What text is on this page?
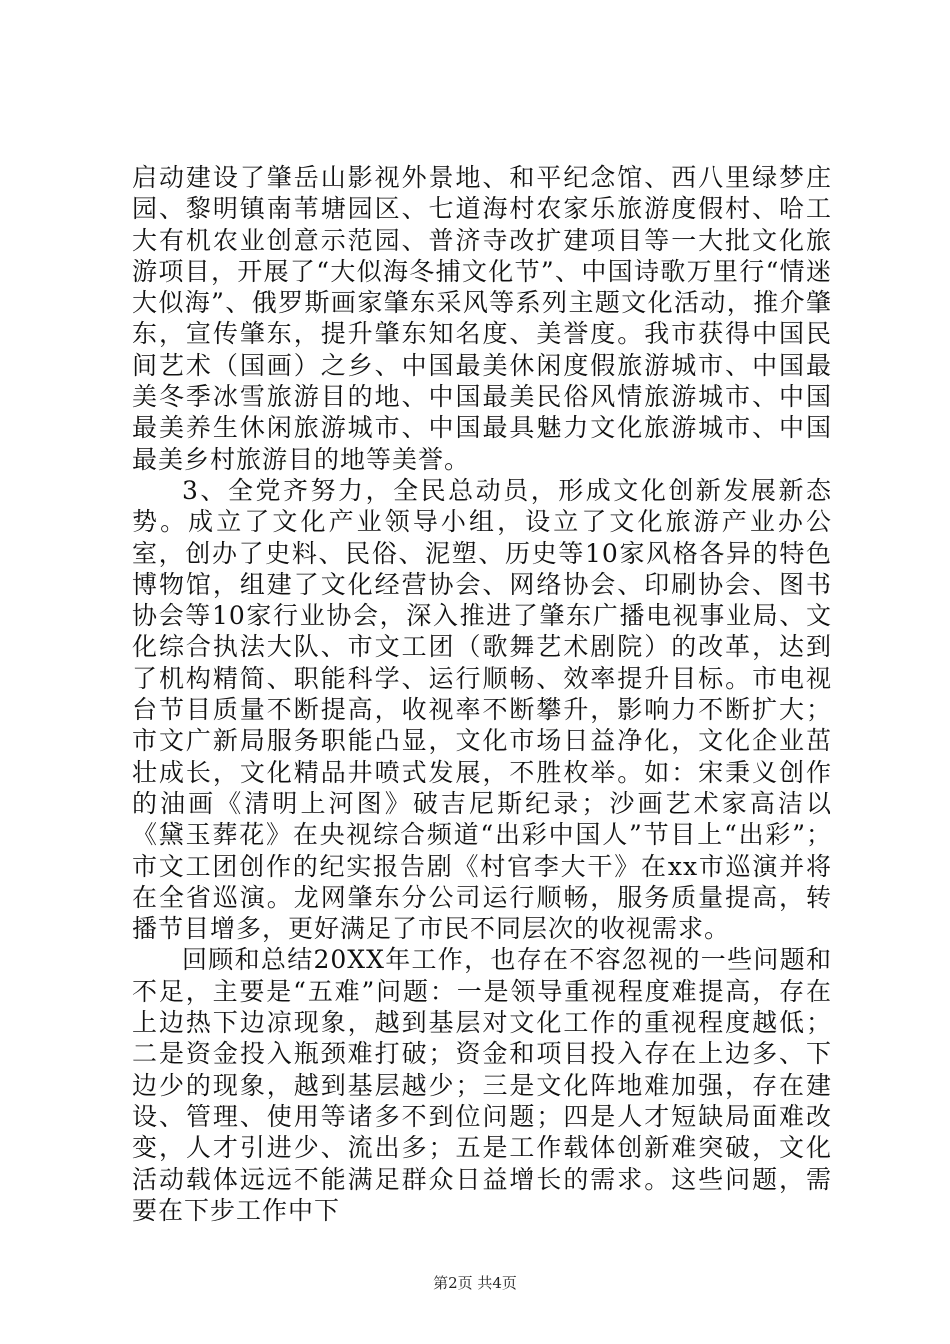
启动建设了肇岳山影视外景地、和平纪念馆、西八里绿梦庄园、黎明镇南苇塘园区、七道海村农家乐旅游度假村、哈工大有机农业创意示范园、普济寺改扩建项目等一大批文化旅游项目，开展了“大似海冬捕文化节”、中国诗歌万里行“情迷大似海”、俄罗斯画家肇东采风等系列主题文化活动，推介肇东，宣传肇东，提升肇东知名度、美誉度。我市获得中国民间艺术（国画）之乡、中国最美休闲度假旅游城市、中国最美冬季冰雪旅游目的地、中国最美民俗风情旅游城市、中国最美养生休闲旅游城市、中国最具魅力文化旅游城市、中国最美乡村旅游目的地等美誉。

3、全党齐努力，全民总动员，形成文化创新发展新态势。成立了文化产业领导小组，设立了文化旅游产业办公室，创办了史料、民俗、泥塑、历史等10家风格各异的特色博物馆，组建了文化经营协会、网络协会、印刷协会、图书协会等10家行业协会，深入推进了肇东广播电视事业局、文化综合执法大队、市文工团（歌舞艺术剧院）的改革，达到了机构精简、职能科学、运行顺畅、效率提升目标。市电视台节目质量不断提高，收视率不断攀升，影响力不断扩大；市文广新局服务职能凸显，文化市场日益净化，文化企业茁壮成长，文化精品井喷式发展，不胜枚举。如：宋秉义创作的油画《清明上河图》破吉尼斯纪录；沙画艺术家高洁以《黛玉葬花》在央视综合频道“出彩中国人”节目上“出彩”；市文工团创作的纪实报告剧《村官李大干》在xx市巡演并将在全省巡演。龙网肇东分公司运行顺畅，服务质量提高，转播节目增多，更好满足了市民不同层次的收视需求。

回顾和总结20XX年工作，也存在不容忽视的一些问题和不足，主要是“五难”问题：一是领导重视程度难提高，存在上边热下边凉现象，越到基层对文化工作的重视程度越低；二是资金投入瓶颈难打破；资金和项目投入存在上边多、下边少的现象，越到基层越少；三是文化阵地难加强，存在建设、管理、使用等诸多不到位问题；四是人才短缺局面难改变，人才引进少、流出多；五是工作载体创新难突破，文化活动载体远远不能满足群众日益增长的需求。这些问题，需要在下步工作中下

第2页 共4页
